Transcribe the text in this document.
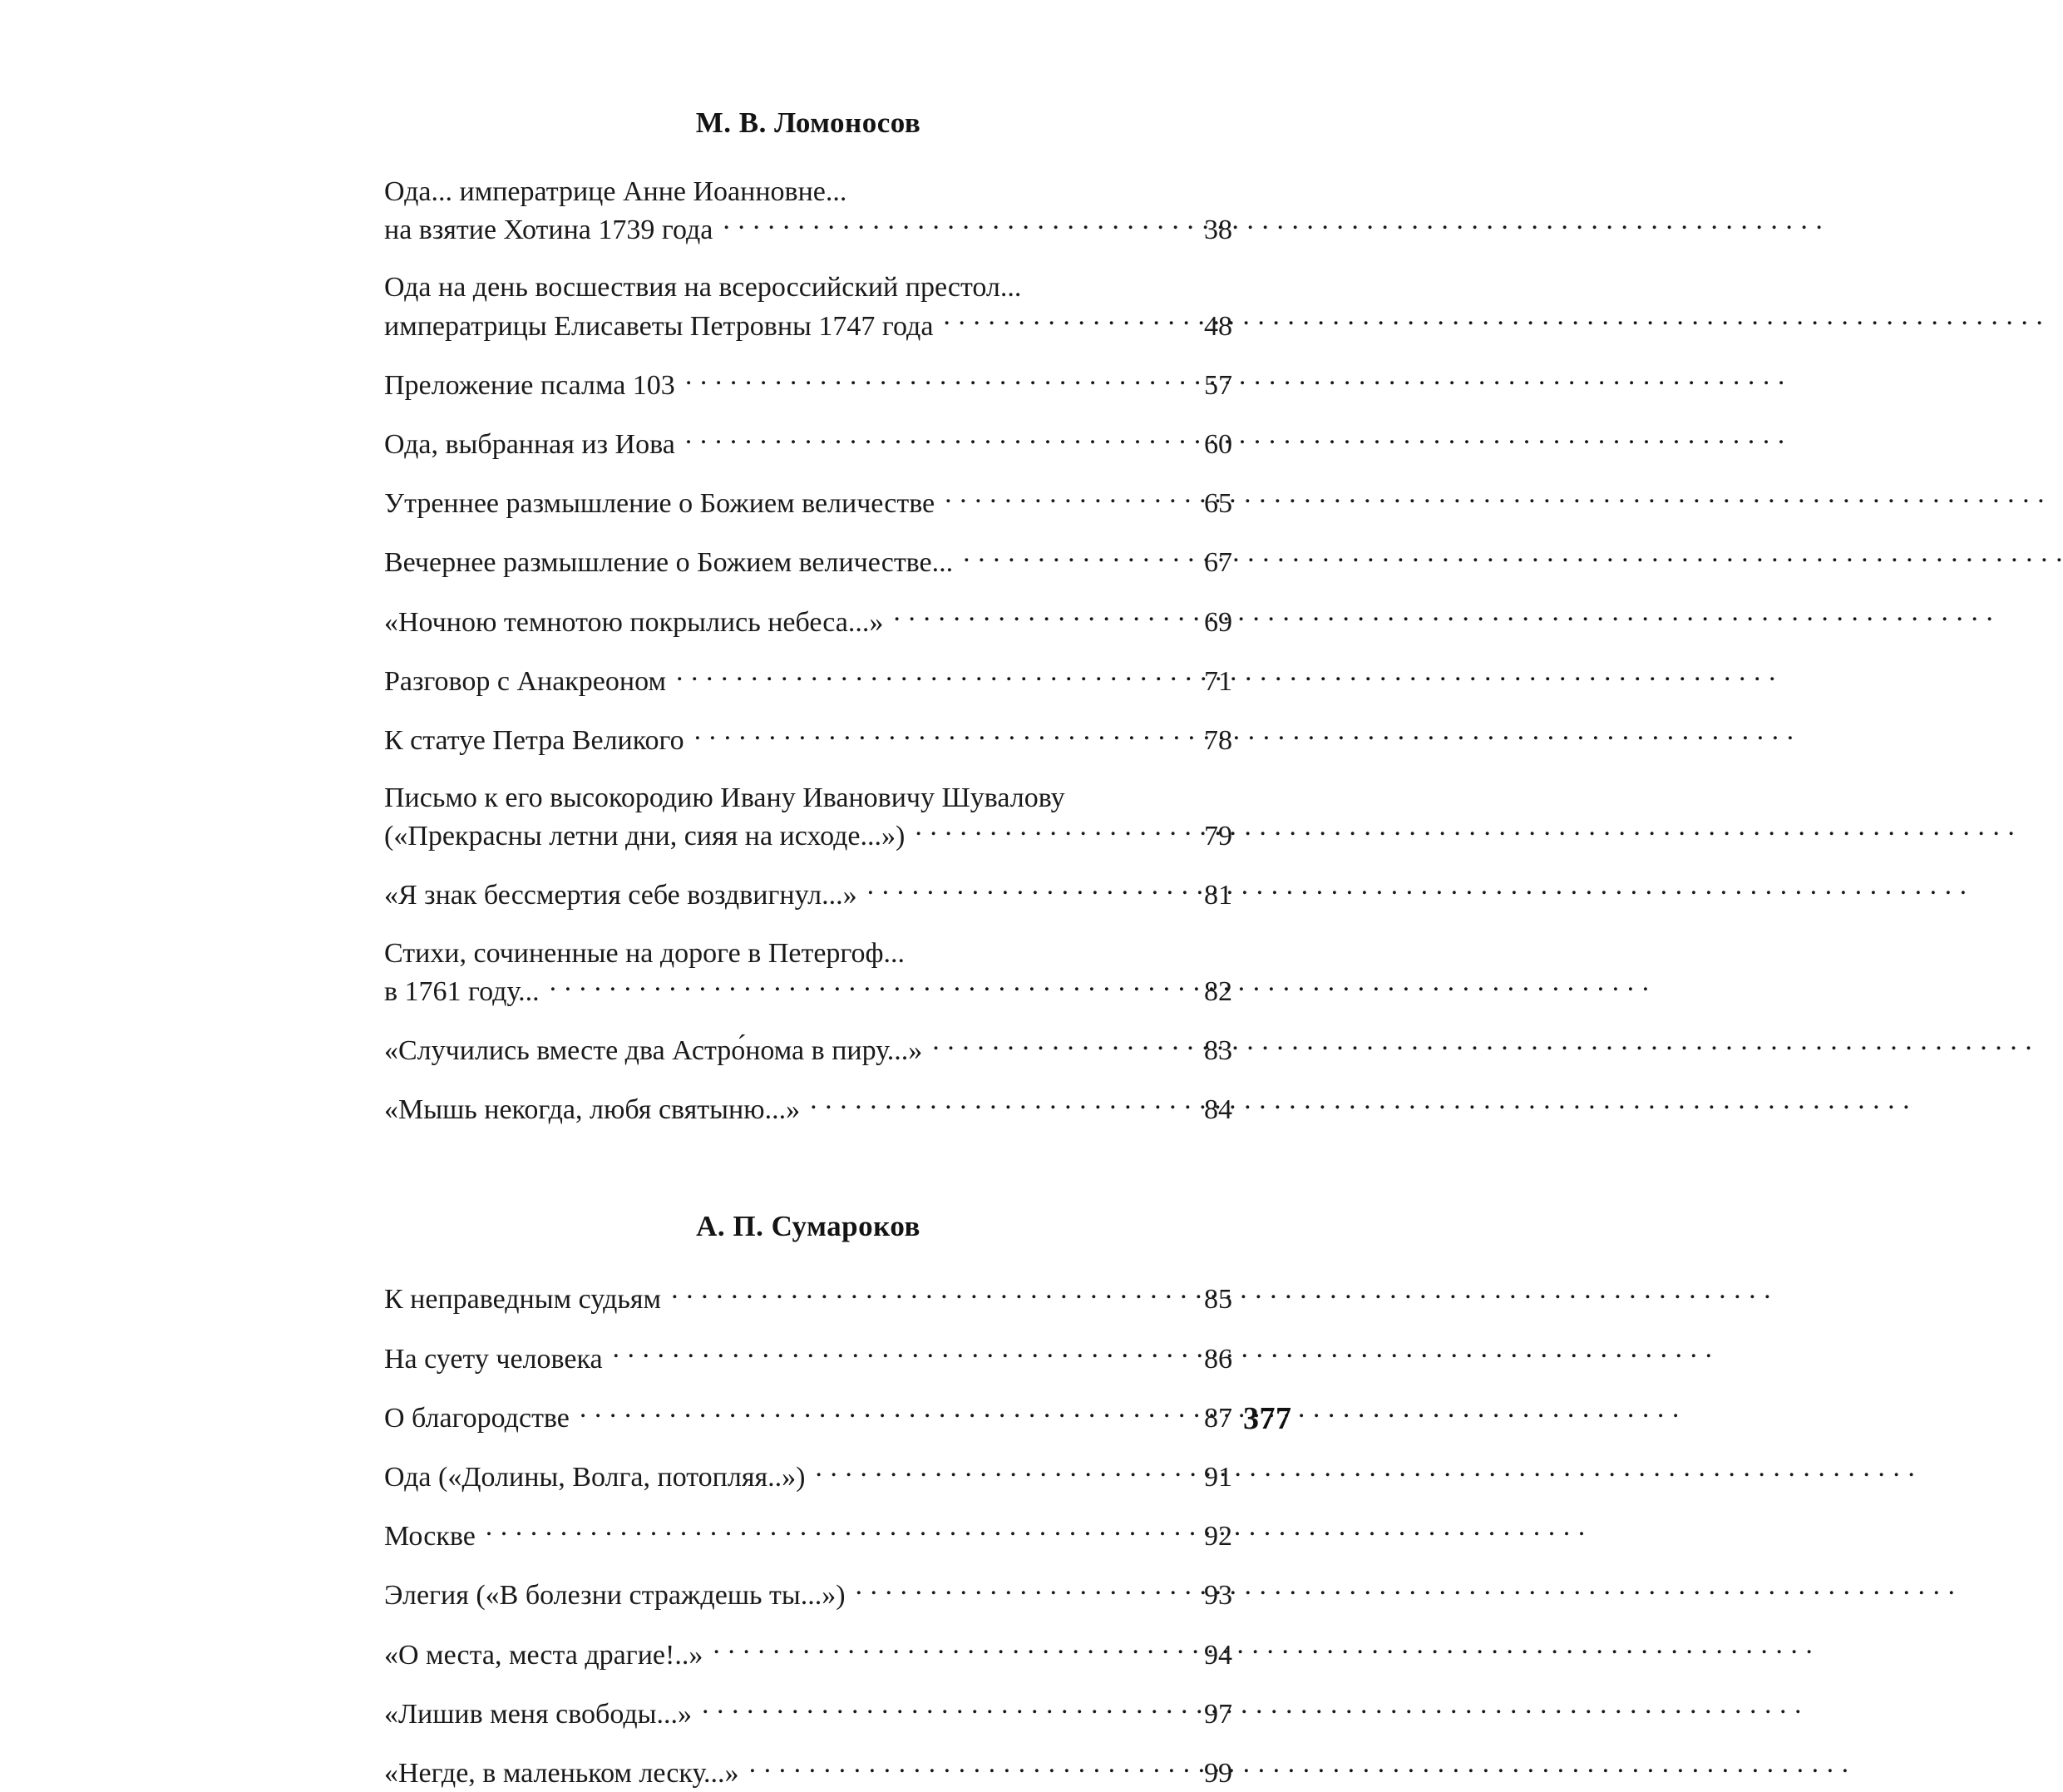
М. В. Ломоносов
Ода... императрице Анне Иоанновне...
на взятие Хотина 1739 года . . .	38
Ода на день восшествия на всероссийский престол...
императрицы Елисаветы Петровны 1747 года . . .	48
Преложение псалма 103 . . .	57
Ода, выбранная из Иова . . .	60
Утреннее размышление о Божием величестве . . .	65
Вечернее размышление о Божием величестве... . . .	67
«Ночною темнотою покрылись небеса...» . . .	69
Разговор с Анакреоном . . .	71
К статуе Петра Великого . . .	78
Письмо к его высокородию Ивану Ивановичу Шувалову
(«Прекрасны летни дни, сияя на исходе...») . . .	79
«Я знак бессмертия себе воздвигнул...» . . .	81
Стихи, сочиненные на дороге в Петергоф...
в 1761 году... . . .	82
«Случились вместе два Астро́нома в пиру...» . . .	83
«Мышь некогда, любя святыню...» . . .	84
А. П. Сумароков
К неправедным судьям . . .	85
На суету человека . . .	86
О благородстве . . .	87
Ода («Долины, Волга, потопляя..») . . .	91
Москве . . .	92
Элегия («В болезни страждешь ты...») . . .	93
«О места, места драгие!..» . . .	94
«Лишив меня свободы...» . . .	97
«Негде, в маленьком леску...» . . .	99
377
